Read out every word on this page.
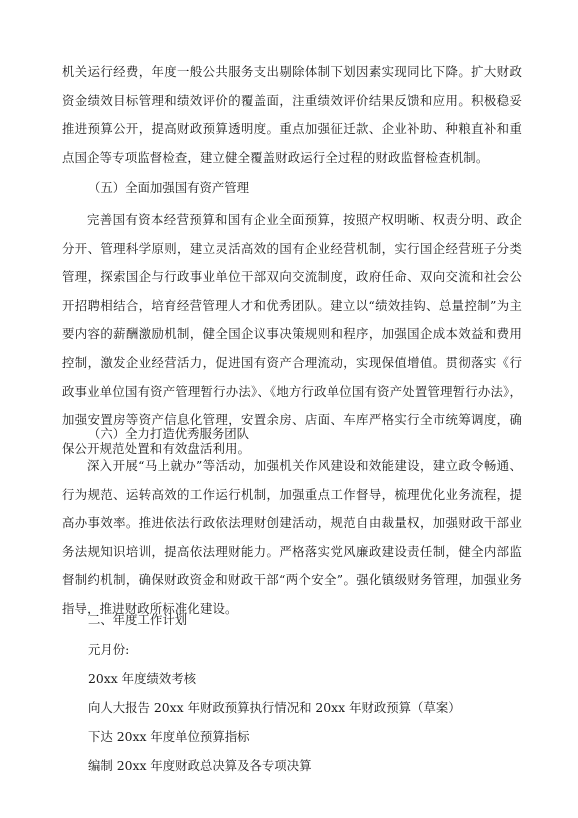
机关运行经费，年度一般公共服务支出剔除体制下划因素实现同比下降。扩大财政资金绩效目标管理和绩效评价的覆盖面，注重绩效评价结果反馈和应用。积极稳妥推进预算公开，提高财政预算透明度。重点加强征迁款、企业补助、种粮直补和重点国企等专项监督检查，建立健全覆盖财政运行全过程的财政监督检查机制。

（五）全面加强国有资产管理

完善国有资本经营预算和国有企业全面预算，按照产权明晰、权责分明、政企分开、管理科学原则，建立灵活高效的国有企业经营机制，实行国企经营班子分类管理，探索国企与行政事业单位干部双向交流制度，政府任命、双向交流和社会公开招聘相结合，培育经营管理人才和优秀团队。建立以“绩效挂钩、总量控制”为主要内容的薪酬激励机制，健全国企议事决策规则和程序，加强国企成本效益和费用控制，激发企业经营活力，促进国有资产合理流动，实现保值增值。贯彻落实《行政事业单位国有资产管理暂行办法》、《地方行政单位国有资产处置管理暂行办法》，加强安置房等资产信息化管理，安置余房、店面、车库严格实行全市统筹调度，确保公开规范处置和有效盘活利用。

（六）全力打造优秀服务团队

深入开展“马上就办”等活动，加强机关作风建设和效能建设，建立政令畅通、行为规范、运转高效的工作运行机制，加强重点工作督导，梳理优化业务流程，提高办事效率。推进依法行政依法理财创建活动，规范自由裁量权，加强财政干部业务法规知识培训，提高依法理财能力。严格落实党风廉政建设责任制，健全内部监督制约机制，确保财政资金和财政干部“两个安全”。强化镇级财务管理，加强业务指导，推进财政所标准化建设。

二、年度工作计划

元月份:

20xx 年度绩效考核

向人大报告 20xx 年财政预算执行情况和 20xx 年财政预算（草案）

下达 20xx 年度单位预算指标

编制 20xx 年度财政总决算及各专项决算
